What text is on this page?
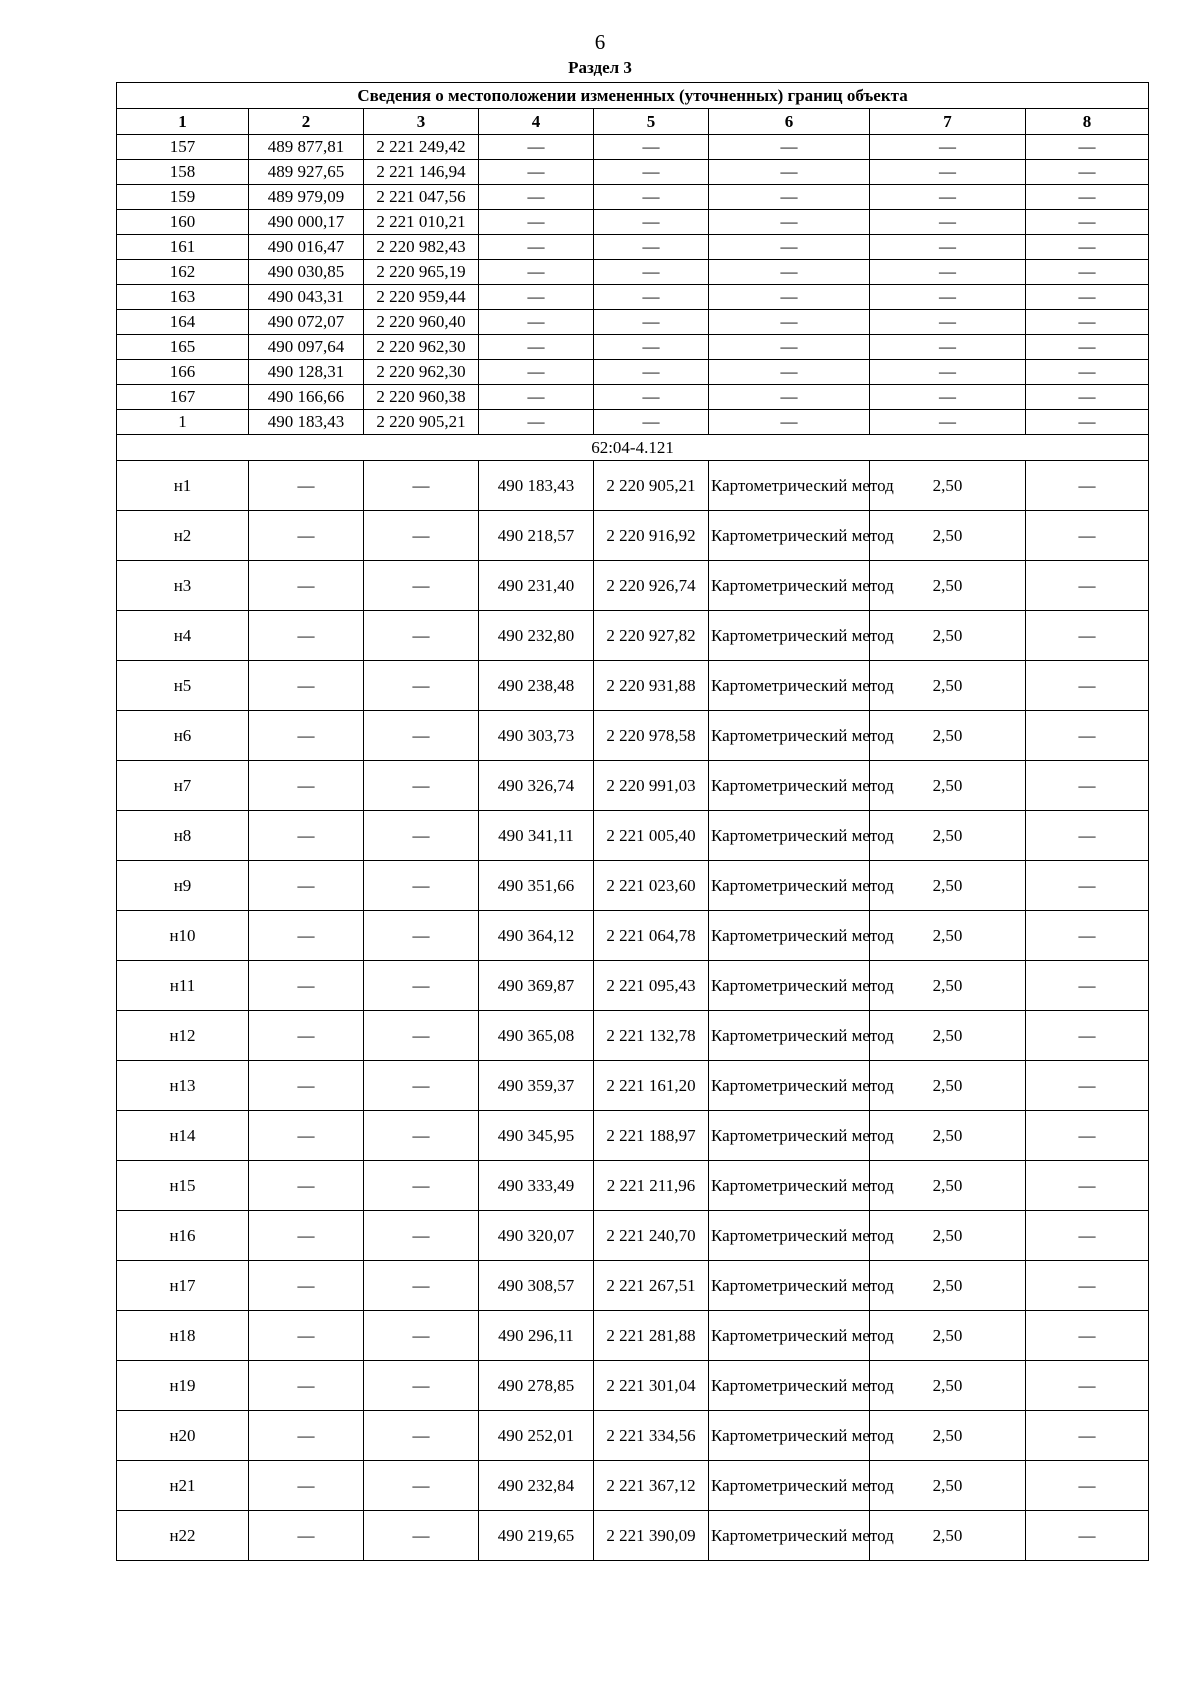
6
Раздел 3
Сведения о местоположении измененных (уточненных) границ объекта							
1	2	3	4	5	6	7	8
157	489 877,81	2 221 249,42	—	—	—	—	—
158	489 927,65	2 221 146,94	—	—	—	—	—
159	489 979,09	2 221 047,56	—	—	—	—	—
160	490 000,17	2 221 010,21	—	—	—	—	—
161	490 016,47	2 220 982,43	—	—	—	—	—
162	490 030,85	2 220 965,19	—	—	—	—	—
163	490 043,31	2 220 959,44	—	—	—	—	—
164	490 072,07	2 220 960,40	—	—	—	—	—
165	490 097,64	2 220 962,30	—	—	—	—	—
166	490 128,31	2 220 962,30	—	—	—	—	—
167	490 166,66	2 220 960,38	—	—	—	—	—
1	490 183,43	2 220 905,21	—	—	—	—	—
62:04-4.121							
н1	—	—	490 183,43	2 220 905,21	Картометрический метод	2,50	—
н2	—	—	490 218,57	2 220 916,92	Картометрический метод	2,50	—
н3	—	—	490 231,40	2 220 926,74	Картометрический метод	2,50	—
н4	—	—	490 232,80	2 220 927,82	Картометрический метод	2,50	—
н5	—	—	490 238,48	2 220 931,88	Картометрический метод	2,50	—
н6	—	—	490 303,73	2 220 978,58	Картометрический метод	2,50	—
н7	—	—	490 326,74	2 220 991,03	Картометрический метод	2,50	—
н8	—	—	490 341,11	2 221 005,40	Картометрический метод	2,50	—
н9	—	—	490 351,66	2 221 023,60	Картометрический метод	2,50	—
н10	—	—	490 364,12	2 221 064,78	Картометрический метод	2,50	—
н11	—	—	490 369,87	2 221 095,43	Картометрический метод	2,50	—
н12	—	—	490 365,08	2 221 132,78	Картометрический метод	2,50	—
н13	—	—	490 359,37	2 221 161,20	Картометрический метод	2,50	—
н14	—	—	490 345,95	2 221 188,97	Картометрический метод	2,50	—
н15	—	—	490 333,49	2 221 211,96	Картометрический метод	2,50	—
н16	—	—	490 320,07	2 221 240,70	Картометрический метод	2,50	—
н17	—	—	490 308,57	2 221 267,51	Картометрический метод	2,50	—
н18	—	—	490 296,11	2 221 281,88	Картометрический метод	2,50	—
н19	—	—	490 278,85	2 221 301,04	Картометрический метод	2,50	—
н20	—	—	490 252,01	2 221 334,56	Картометрический метод	2,50	—
н21	—	—	490 232,84	2 221 367,12	Картометрический метод	2,50	—
н22	—	—	490 219,65	2 221 390,09	Картометрический метод	2,50	—
